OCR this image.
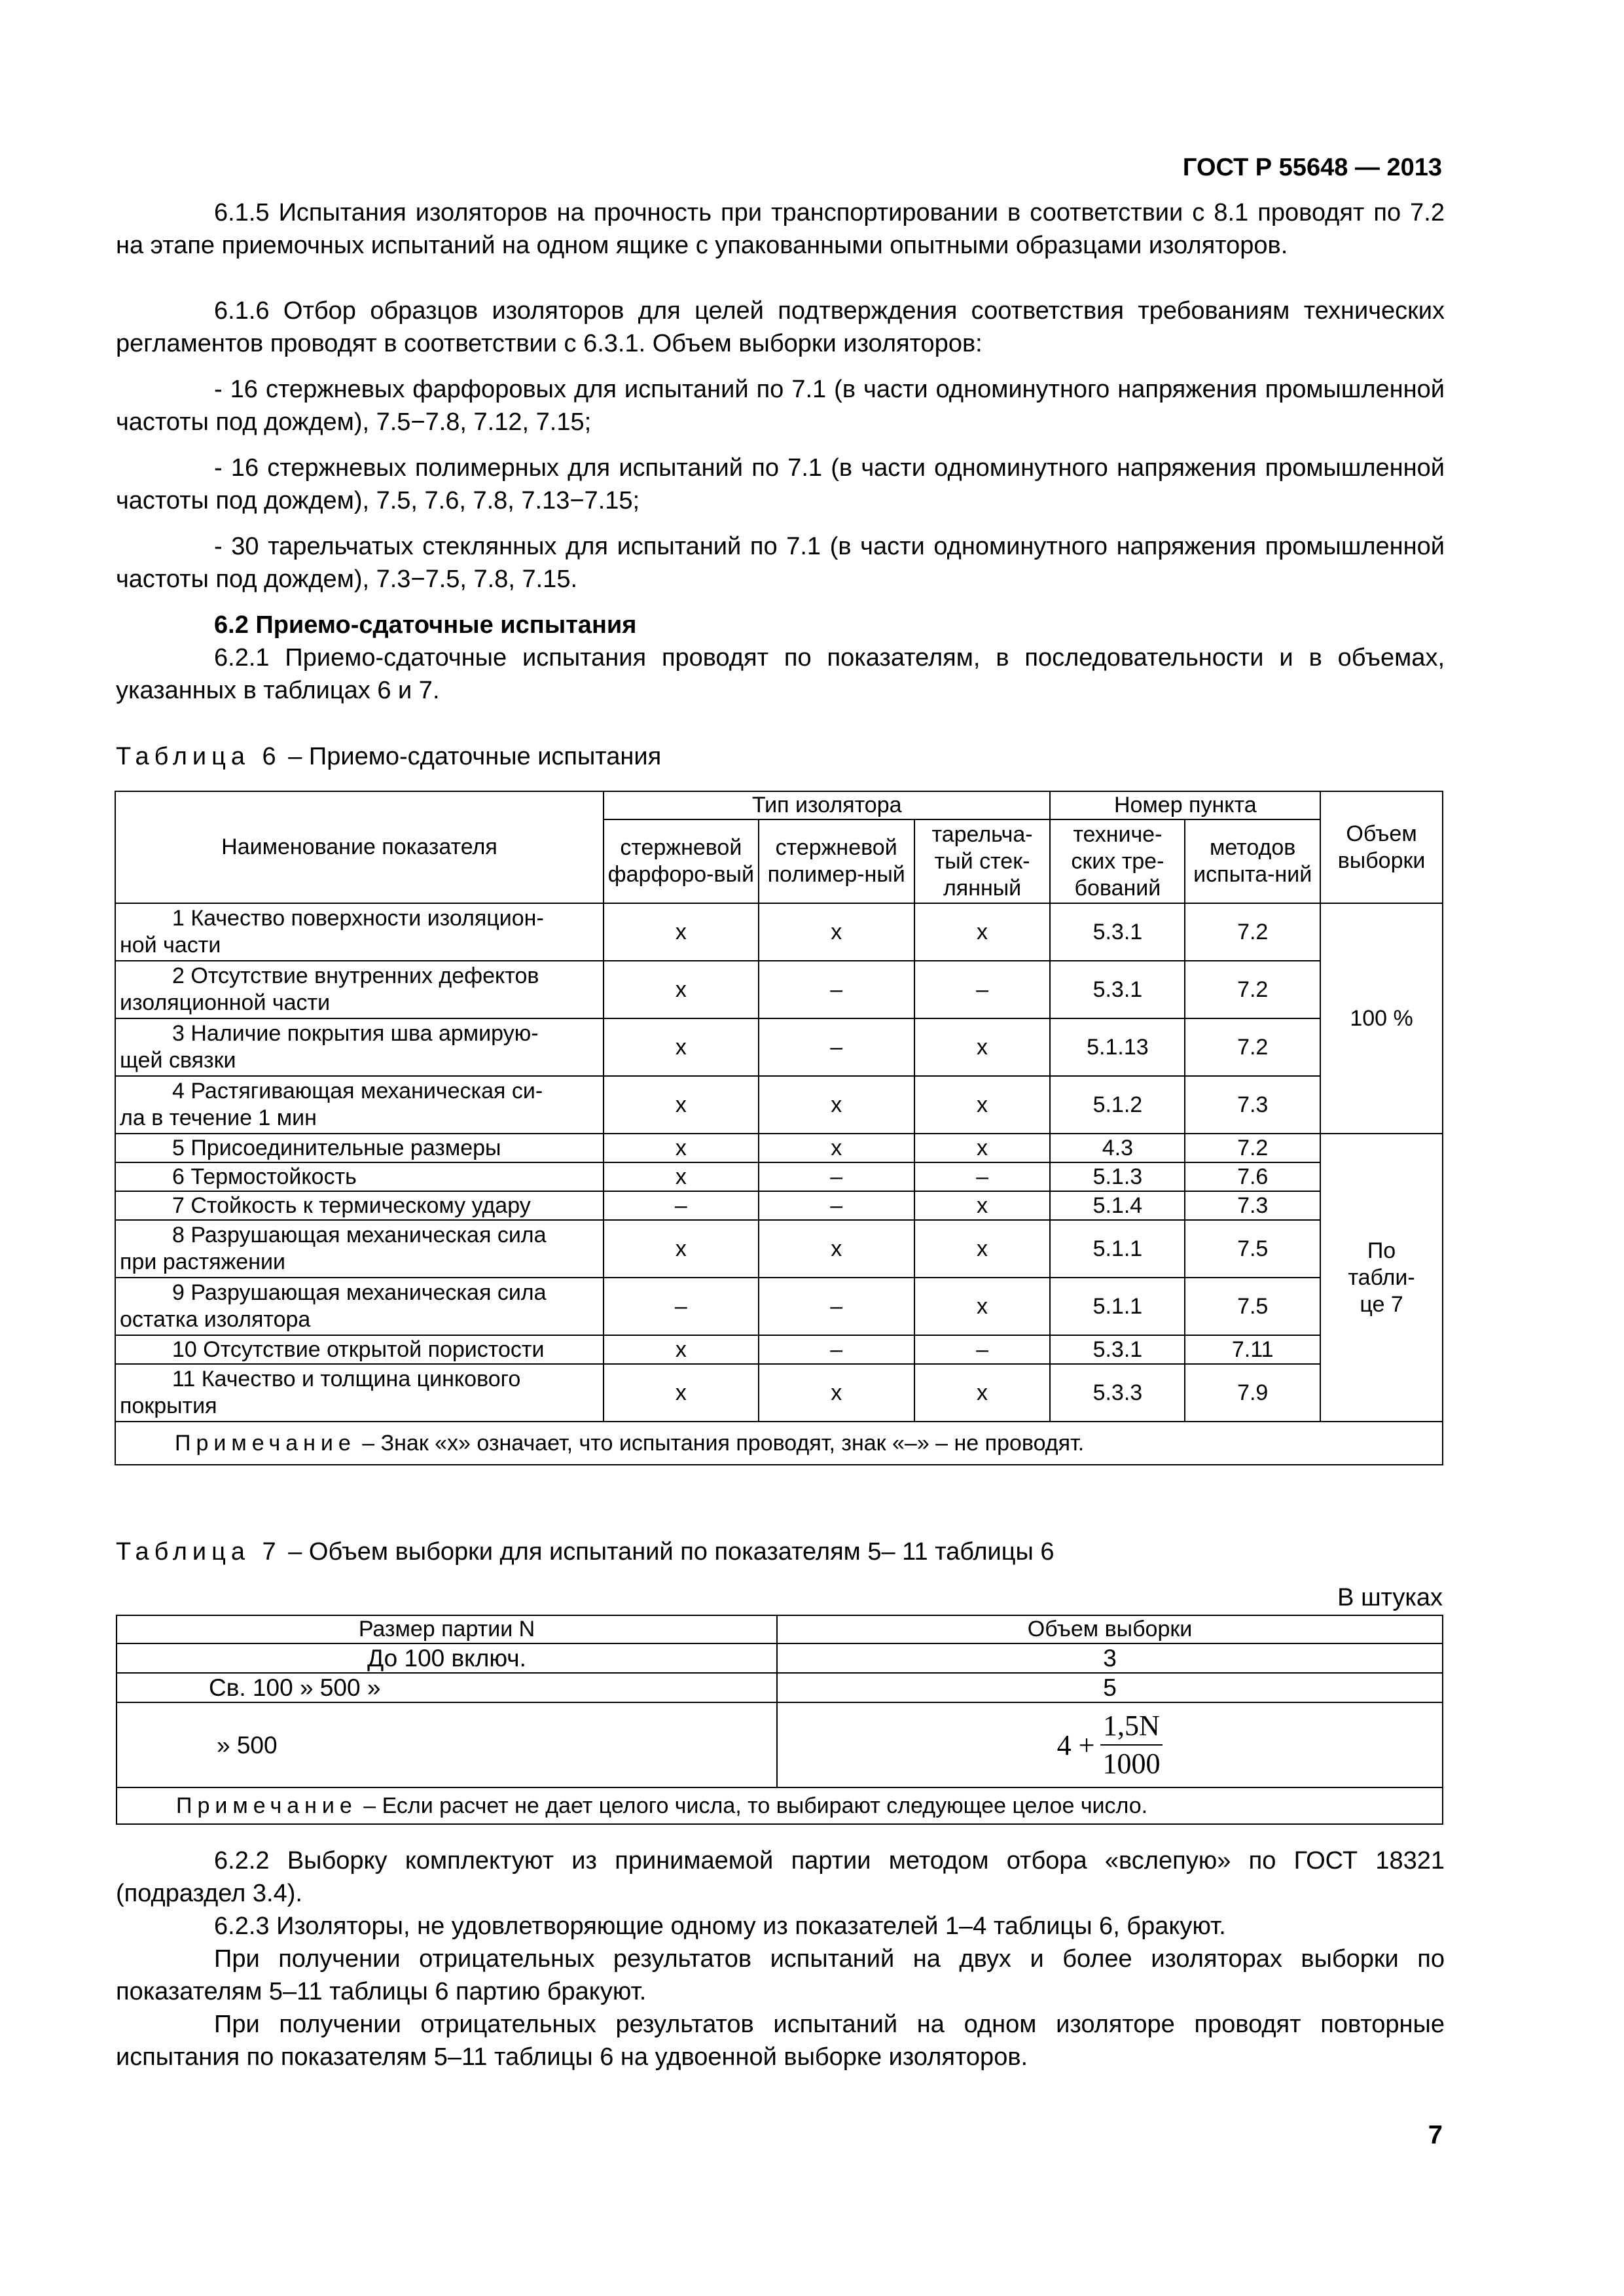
ГОСТ Р 55648 — 2013
6.1.5 Испытания изоляторов на прочность при транспортировании в соответствии с 8.1 проводят по 7.2 на этапе приемочных испытаний на одном ящике с упакованными опытными образцами изоляторов.
6.1.6 Отбор образцов изоляторов для целей подтверждения соответствия требованиям технических регламентов проводят в соответствии с 6.3.1. Объем выборки изоляторов:
- 16 стержневых фарфоровых для испытаний по 7.1 (в части одноминутного напряжения промышленной частоты под дождем), 7.5−7.8, 7.12, 7.15;
- 16 стержневых полимерных для испытаний по 7.1 (в части одноминутного напряжения промышленной частоты под дождем), 7.5, 7.6, 7.8, 7.13−7.15;
- 30 тарельчатых стеклянных для испытаний по 7.1 (в части одноминутного напряжения промышленной частоты под дождем), 7.3−7.5, 7.8, 7.15.
6.2 Приемо-сдаточные испытания
6.2.1 Приемо-сдаточные испытания проводят по показателям, в последовательности и в объемах, указанных в таблицах 6 и 7.
Таблица 6 – Приемо-сдаточные испытания
Наименование показателя	Тип изолятора			Номер пункта		Объем выборки
	стержневой фарфоро-вый	стержневой полимер-ный	тарельча-тый стек-лянный	техниче-ских тре-бований	методов испыта-ний	

1 Качество поверхности изоляцион-
ной части	x	x	x	5.3.1	7.2	100 %

2 Отсутствие внутренних дефектов
изоляционной части	x	–	–	5.3.1	7.2	

3 Наличие покрытия шва армирую-
щей связки	x	–	x	5.1.13	7.2	

4 Растягивающая механическая си-
ла в течение 1 мин	x	x	x	5.1.2	7.3	

5 Присоединительные размеры	x	x	x	4.3	7.2	По табли-це 7

6 Термостойкость	x	–	–	5.1.3	7.6	

7 Стойкость к термическому удару	–	–	x	5.1.4	7.3	

8 Разрушающая механическая сила
при растяжении	x	x	x	5.1.1	7.5	

9 Разрушающая механическая сила
остатка изолятора	–	–	x	5.1.1	7.5	

10 Отсутствие открытой пористости	x	–	–	5.3.1	7.11	

11 Качество и толщина цинкового
покрытия	x	x	x	5.3.3	7.9	
Примечание – Знак «х» означает, что испытания проводят, знак «–» – не проводят.						
Таблица 7 – Объем выборки для испытаний по показателям 5– 11 таблицы 6
В штуках
Размер партии N	Объем выборки
До 100 включ.	3
Св. 100 » 500 »	5
» 500	$4 + \frac{1,5N}{1000}$

Примечание – Если расчет не дает целого числа, то выбирают следующее целое число.	
6.2.2 Выборку комплектуют из принимаемой партии методом отбора «вслепую» по ГОСТ 18321 (подраздел 3.4).
6.2.3 Изоляторы, не удовлетворяющие одному из показателей 1–4 таблицы 6, бракуют.
При получении отрицательных результатов испытаний на двух и более изоляторах выборки по показателям 5–11 таблицы 6 партию бракуют.
При получении отрицательных результатов испытаний на одном изоляторе проводят повторные испытания по показателям 5–11 таблицы 6 на удвоенной выборке изоляторов.
7
